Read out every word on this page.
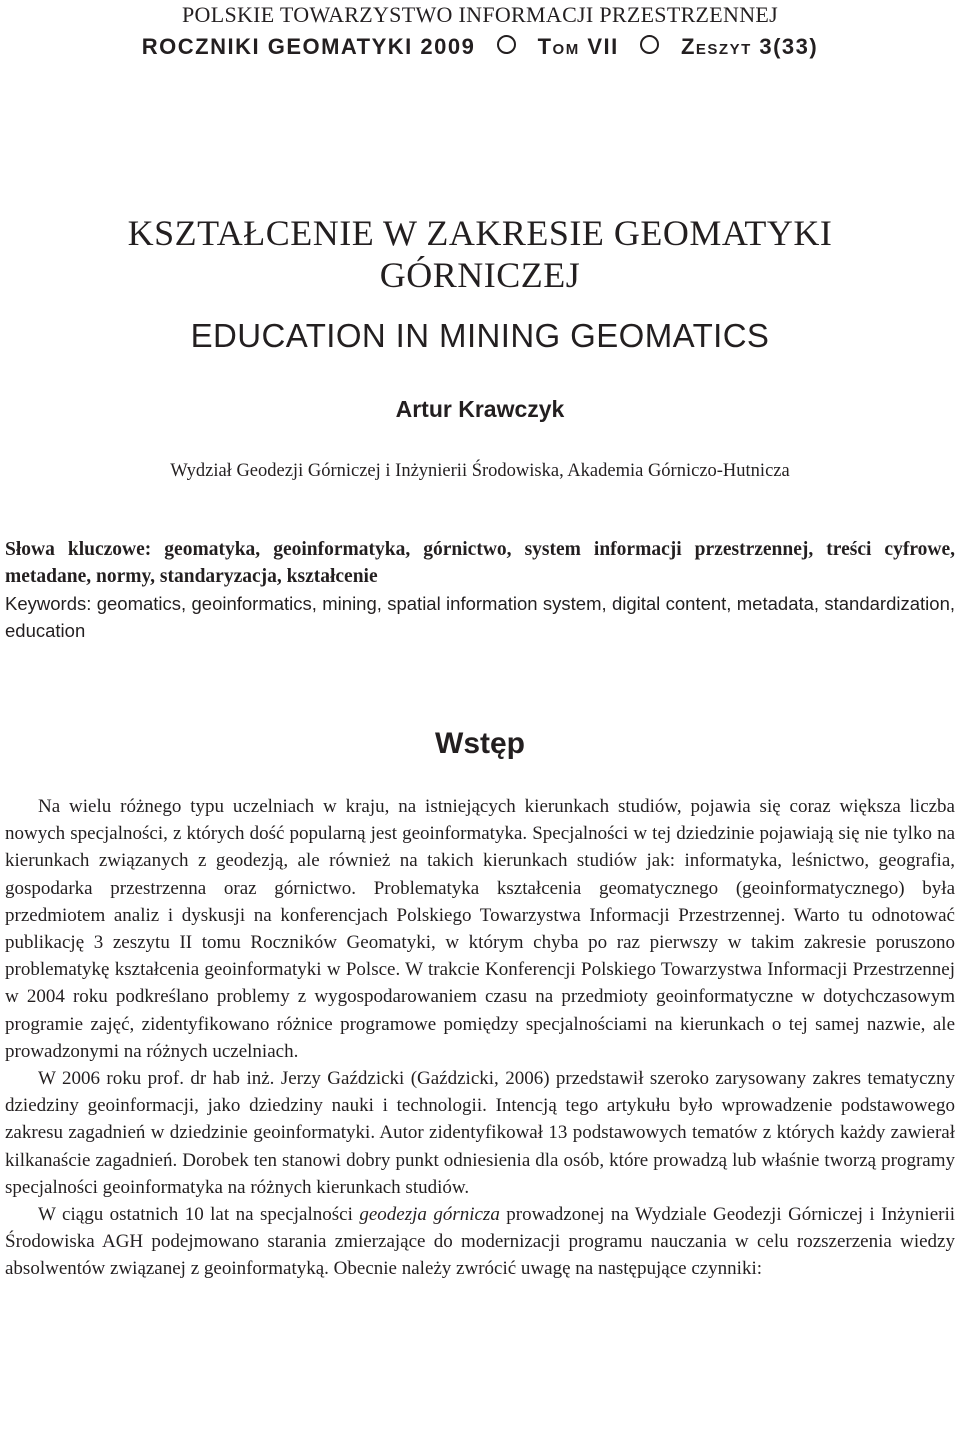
POLSKIE TOWARZYSTWO INFORMACJI PRZESTRZENNEJ
ROCZNIKI GEOMATYKI 2009	Tom VII	Zeszyt 3(33)
KSZTAŁCENIE W ZAKRESIE GEOMATYKI
GÓRNICZEJ
EDUCATION IN MINING GEOMATICS
Artur Krawczyk
Wydział Geodezji Górniczej i Inżynierii Środowiska, Akademia Górniczo-Hutnicza
Słowa kluczowe: geomatyka, geoinformatyka, górnictwo, system informacji przestrzennej, treści cyfrowe, metadane, normy, standaryzacja, kształcenie
Keywords: geomatics, geoinformatics, mining, spatial information system, digital content, metadata, standardization, education
Wstęp

Na wielu różnego typu uczelniach w kraju, na istniejących kierunkach studiów, pojawia się coraz większa liczba nowych specjalności, z których dość popularną jest geoinformatyka. Specjalności w tej dziedzinie pojawiają się nie tylko na kierunkach związanych z geodezją, ale również na takich kierunkach studiów jak: informatyka, leśnictwo, geografia, gospodarka przestrzenna oraz górnictwo. Problematyka kształcenia geomatycznego (geoinformatycznego) była przedmiotem analiz i dyskusji na konferencjach Polskiego Towarzystwa Informacji Przestrzennej. Warto tu odnotować publikację 3 zeszytu II tomu Roczników Geomatyki, w którym chyba po raz pierwszy w takim zakresie poruszono problematykę kształcenia geoinformatyki w Polsce. W trakcie Konferencji Polskiego Towarzystwa Informacji Przestrzennej w 2004 roku podkreślano problemy z wygospodarowaniem czasu na przedmioty geoinformatyczne w dotychczasowym programie zajęć, zidentyfikowano różnice programowe pomiędzy specjalnościami na kierunkach o tej samej nazwie, ale prowadzonymi na różnych uczelniach.

W 2006 roku prof. dr hab inż. Jerzy Gaździcki (Gaździcki, 2006) przedstawił szeroko zarysowany zakres tematyczny dziedziny geoinformacji, jako dziedziny nauki i technologii. Intencją tego artykułu było wprowadzenie podstawowego zakresu zagadnień w dziedzinie geoinformatyki. Autor zidentyfikował 13 podstawowych tematów z których każdy zawierał kilkanaście zagadnień. Dorobek ten stanowi dobry punkt odniesienia dla osób, które prowadzą lub właśnie tworzą programy specjalności geoinformatyka na różnych kierunkach studiów.

W ciągu ostatnich 10 lat na specjalności geodezja górnicza prowadzonej na Wydziale Geodezji Górniczej i Inżynierii Środowiska AGH podejmowano starania zmierzające do modernizacji programu nauczania w celu rozszerzenia wiedzy absolwentów związanej z geoinformatyką. Obecnie należy zwrócić uwagę na następujące czynniki:
